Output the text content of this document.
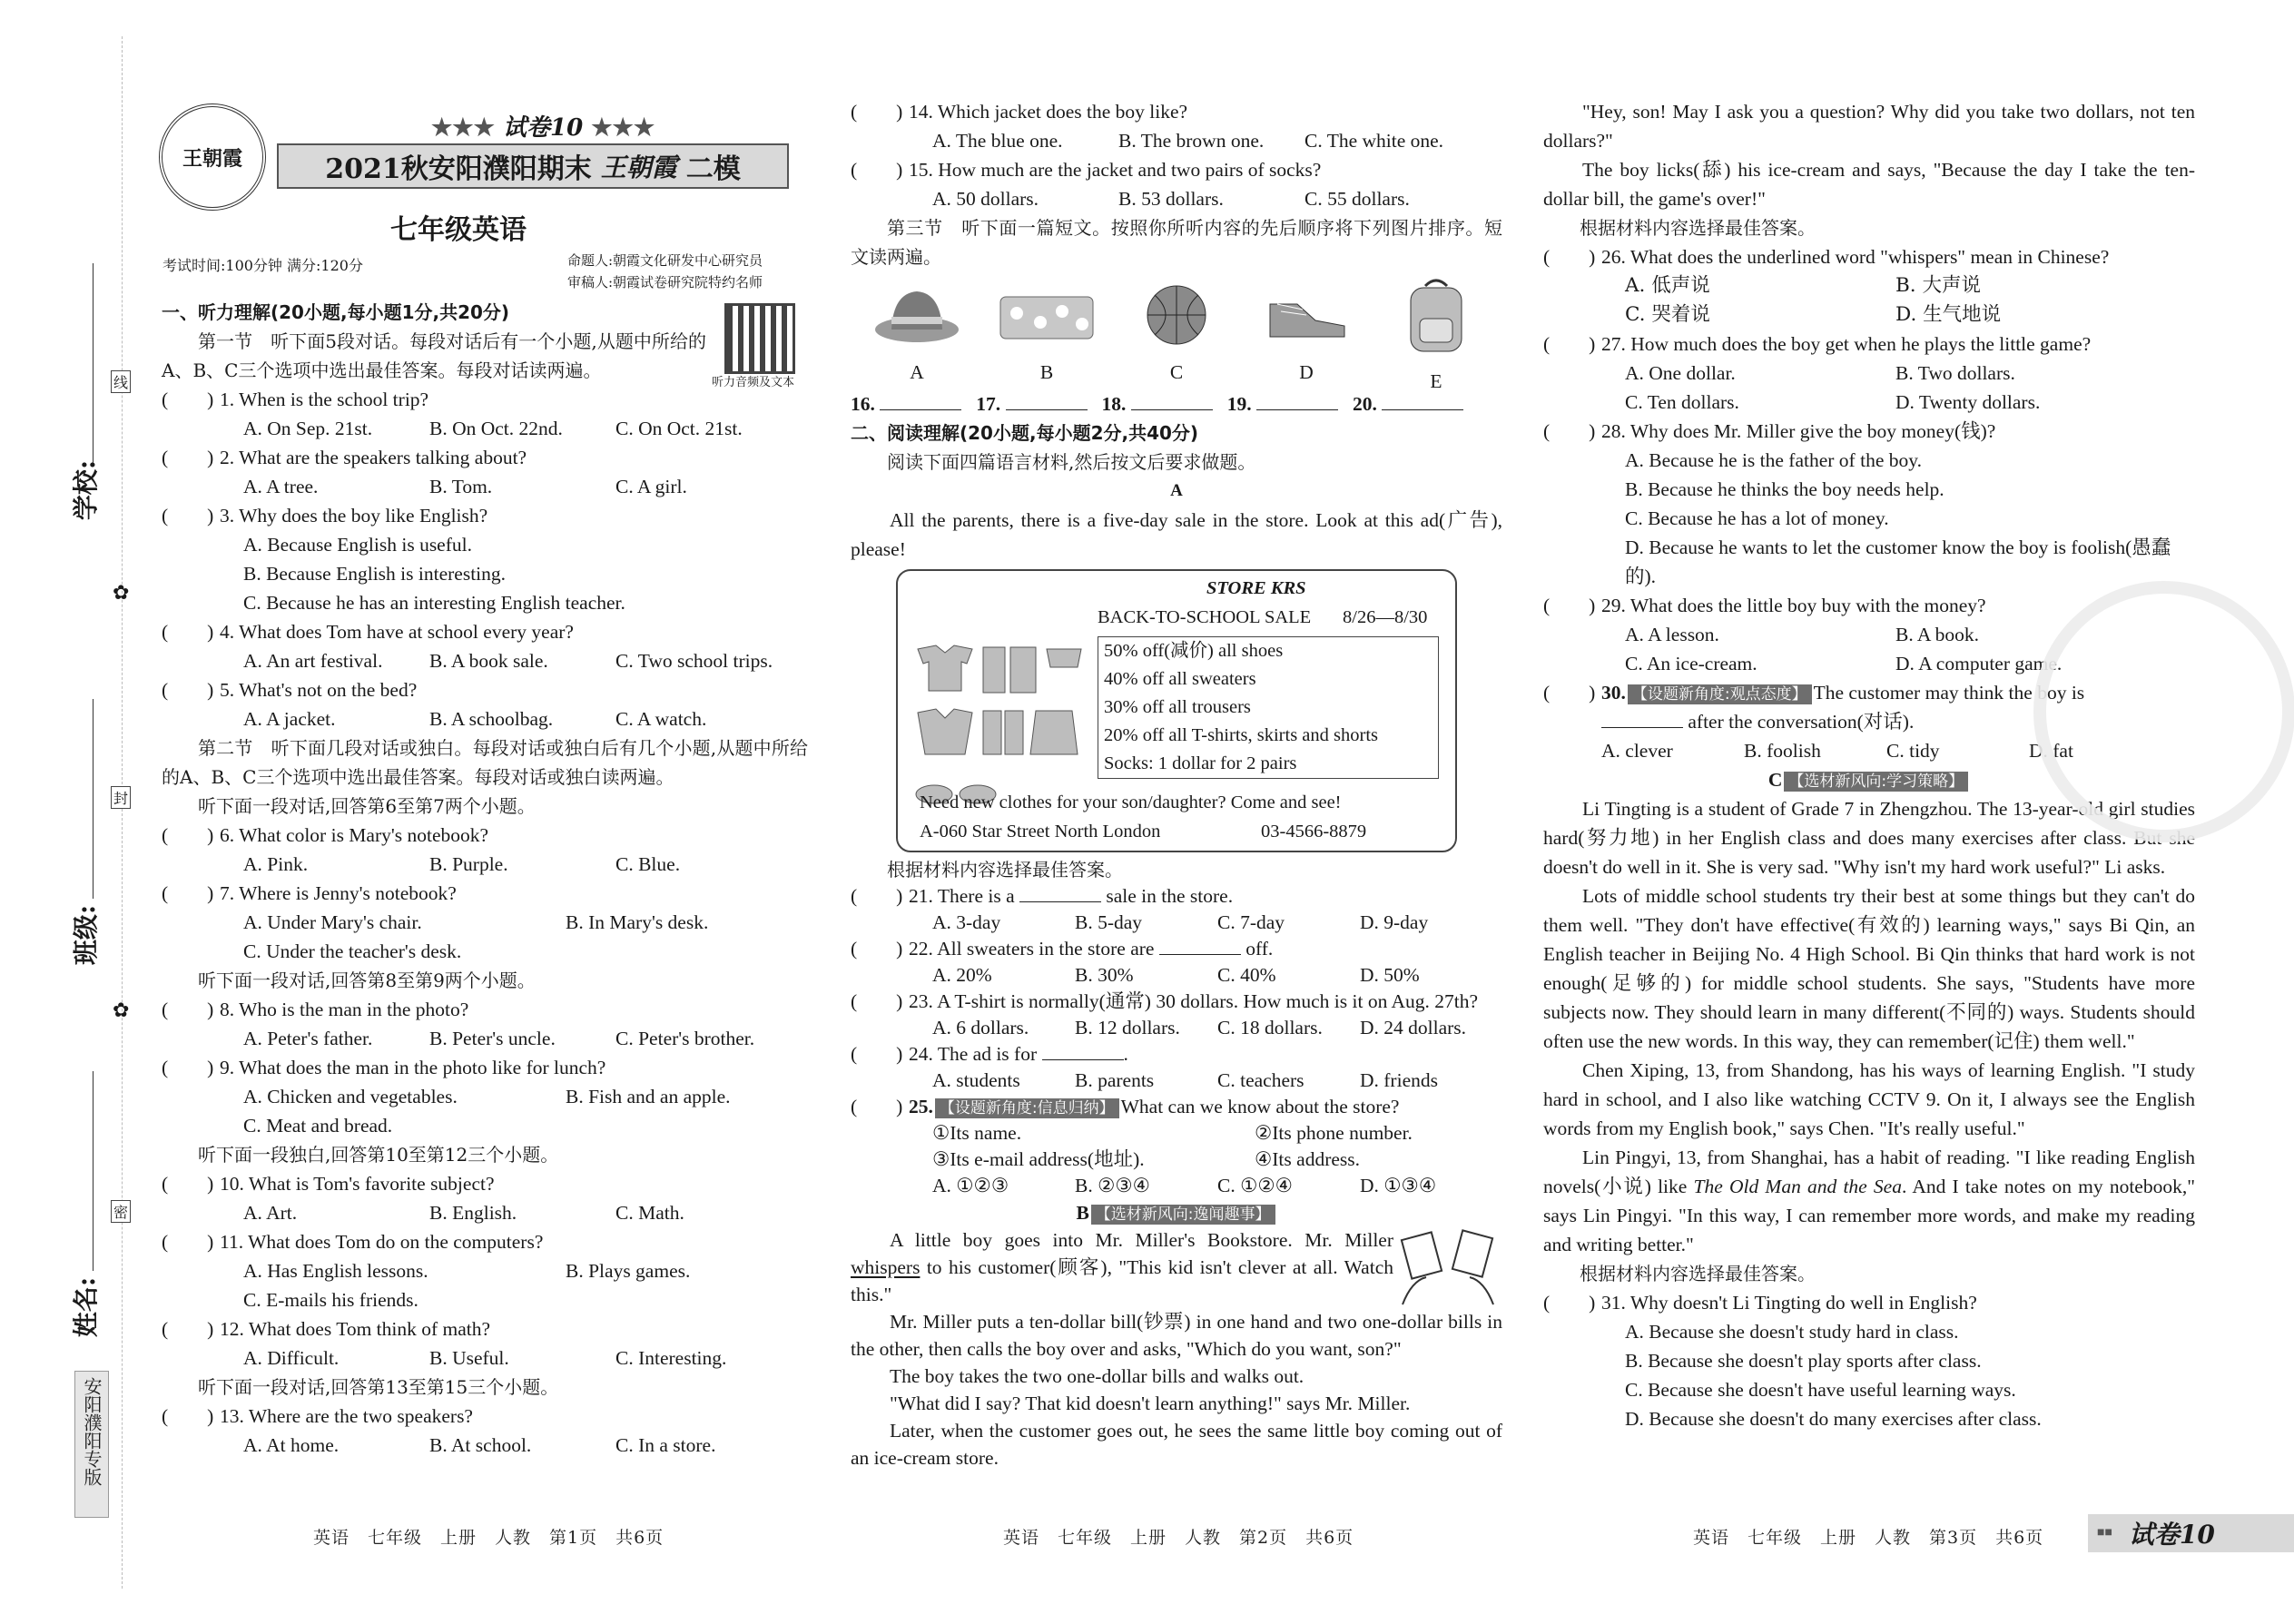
学校:
班级:
姓名:
线
封
密
✿
✿
安阳濮阳专版
王朝霞
★★★ 试卷10 ★★★
2021秋安阳濮阳期末 王朝霞 二模
七年级英语
考试时间:100分钟 满分:120分	命题人:朝霞文化研发中心研究员
审稿人:朝霞试卷研究院特约名师
听力音频及文本

一、听力理解(20小题,每小题1分,共20分)

第一节　听下面5段对话。每段对话后有一个小题,从题中所给的A、B、C三个选项中选出最佳答案。每段对话读两遍。

(　　) 1. When is the school trip?
A. On Sep. 21st.	B. On Oct. 22nd.	C. On Oct. 21st.
(　　) 2. What are the speakers talking about?
A. A tree.	B. Tom.	C. A girl.
(　　) 3. Why does the boy like English?

A. Because English is useful.

B. Because English is interesting.

C. Because he has an interesting English teacher.

(　　) 4. What does Tom have at school every year?
A. An art festival.	B. A book sale.	C. Two school trips.
(　　) 5. What's not on the bed?
A. A jacket.	B. A schoolbag.	C. A watch.

第二节　听下面几段对话或独白。每段对话或独白后有几个小题,从题中所给的A、B、C三个选项中选出最佳答案。每段对话或独白读两遍。

听下面一段对话,回答第6至第7两个小题。

(　　) 6. What color is Mary's notebook?
A. Pink.	B. Purple.	C. Blue.
(　　) 7. Where is Jenny's notebook?
A. Under Mary's chair.	B. In Mary's desk.

C. Under the teacher's desk.

听下面一段对话,回答第8至第9两个小题。

(　　) 8. Who is the man in the photo?
A. Peter's father.	B. Peter's uncle.	C. Peter's brother.
(　　) 9. What does the man in the photo like for lunch?
A. Chicken and vegetables.	B. Fish and an apple.

C. Meat and bread.

听下面一段独白,回答第10至第12三个小题。

(　　) 10. What is Tom's favorite subject?
A. Art.	B. English.	C. Math.
(　　) 11. What does Tom do on the computers?
A. Has English lessons.	B. Plays games.

C. E-mails his friends.

(　　) 12. What does Tom think of math?
A. Difficult.	B. Useful.	C. Interesting.

听下面一段对话,回答第13至第15三个小题。

(　　) 13. Where are the two speakers?
A. At home.	B. At school.	C. In a store.
(　　) 14. Which jacket does the boy like?
A. The blue one.	B. The brown one.	C. The white one.
(　　) 15. How much are the jacket and two pairs of socks?
A. 50 dollars.	B. 53 dollars.	C. 55 dollars.

第三节　听下面一篇短文。按照你所听内容的先后顺序将下列图片排序。短文读两遍。

A	B	C	D	E
16.	17.	18.	19.	20.

二、阅读理解(20小题,每小题2分,共40分)

阅读下面四篇语言材料,然后按文后要求做题。

A

All the parents, there is a five-day sale in the store. Look at this ad(广告), please!

STORE KRS
BACK-TO-SCHOOL SALE 8/26—8/30
50% off(减价) all shoes
40% off all sweaters
30% off all trousers
20% off all T-shirts, skirts and shorts
Socks: 1 dollar for 2 pairs
Need new clothes for your son/daughter? Come and see!
A-060 Star Street North London	03-4566-8879

根据材料内容选择最佳答案。

(　　) 21. There is a	sale in the store.
A. 3-day	B. 5-day	C. 7-day	D. 9-day
(　　) 22. All sweaters in the store are	off.
A. 20%	B. 30%	C. 40%	D. 50%
(　　) 23. A T-shirt is normally(通常) 30 dollars. How much is it on Aug. 27th?
A. 6 dollars.	B. 12 dollars.	C. 18 dollars.	D. 24 dollars.
(　　) 24. The ad is for	.
A. students	B. parents	C. teachers	D. friends
(　　) 25. 【设题新角度:信息归纳】 What can we know about the store?
①Its name.	②Its phone number.
③Its e-mail address(地址).	④Its address.
A. ①②③	B. ②③④	C. ①②④	D. ①③④

B 【选材新风向:逸闻趣事】

A little boy goes into Mr. Miller's Bookstore. Mr. Miller whispers to his customer(顾客), "This kid isn't clever at all. Watch this."

Mr. Miller puts a ten-dollar bill(钞票) in one hand and two one-dollar bills in the other, then calls the boy over and asks, "Which do you want, son?"

The boy takes the two one-dollar bills and walks out.

"What did I say? That kid doesn't learn anything!" says Mr. Miller.

Later, when the customer goes out, he sees the same little boy coming out of an ice-cream store.

"Hey, son! May I ask you a question? Why did you take two dollars, not ten dollars?"

The boy licks(舔) his ice-cream and says, "Because the day I take the ten-dollar bill, the game's over!"

根据材料内容选择最佳答案。

(　　) 26. What does the underlined word "whispers" mean in Chinese?
A. 低声说	B. 大声说
C. 哭着说	D. 生气地说
(　　) 27. How much does the boy get when he plays the little game?
A. One dollar.	B. Two dollars.
C. Ten dollars.	D. Twenty dollars.
(　　) 28. Why does Mr. Miller give the boy money(钱)?

A. Because he is the father of the boy.

B. Because he thinks the boy needs help.

C. Because he has a lot of money.

D. Because he wants to let the customer know the boy is foolish(愚蠢的).

(　　) 29. What does the little boy buy with the money?
A. A lesson.	B. A book.
C. An ice-cream.	D. A computer game.
(　　) 30. 【设题新角度:观点态度】 The customer may think the boy is

after the conversation(对话).

A. clever	B. foolish	C. tidy	D. fat

C 【选材新风向:学习策略】

Li Tingting is a student of Grade 7 in Zhengzhou. The 13-year-old girl studies hard(努力地) in her English class and does many exercises after class. But she doesn't do well in it. She is very sad. "Why isn't my hard work useful?" Li asks.

Lots of middle school students try their best at some things but they can't do them well. "They don't have effective(有效的) learning ways," says Bi Qin, an English teacher in Beijing No. 4 High School. Bi Qin thinks that hard work is not enough(足够的) for middle school students. She says, "Students have more subjects now. They should learn in many different(不同的) ways. Students should often use the new words. In this way, they can remember(记住) them well."

Chen Xiping, 13, from Shandong, has his ways of learning English. "I study hard in school, and I also like watching CCTV 9. On it, I always see the English words from my English book," says Chen. "It's really useful."

Lin Pingyi, 13, from Shanghai, has a habit of reading. "I like reading English novels(小说) like The Old Man and the Sea. And I take notes on my notebook," says Lin Pingyi. "In this way, I can remember more words, and make my reading and writing better."

根据材料内容选择最佳答案。

(　　) 31. Why doesn't Li Tingting do well in English?

A. Because she doesn't study hard in class.

B. Because she doesn't play sports after class.

C. Because she doesn't have useful learning ways.

D. Because she doesn't do many exercises after class.

英语　七年级　上册　人教　第1页　共6页	英语　七年级　上册　人教　第2页　共6页	英语　七年级　上册　人教　第3页　共6页	■■ 试卷10
